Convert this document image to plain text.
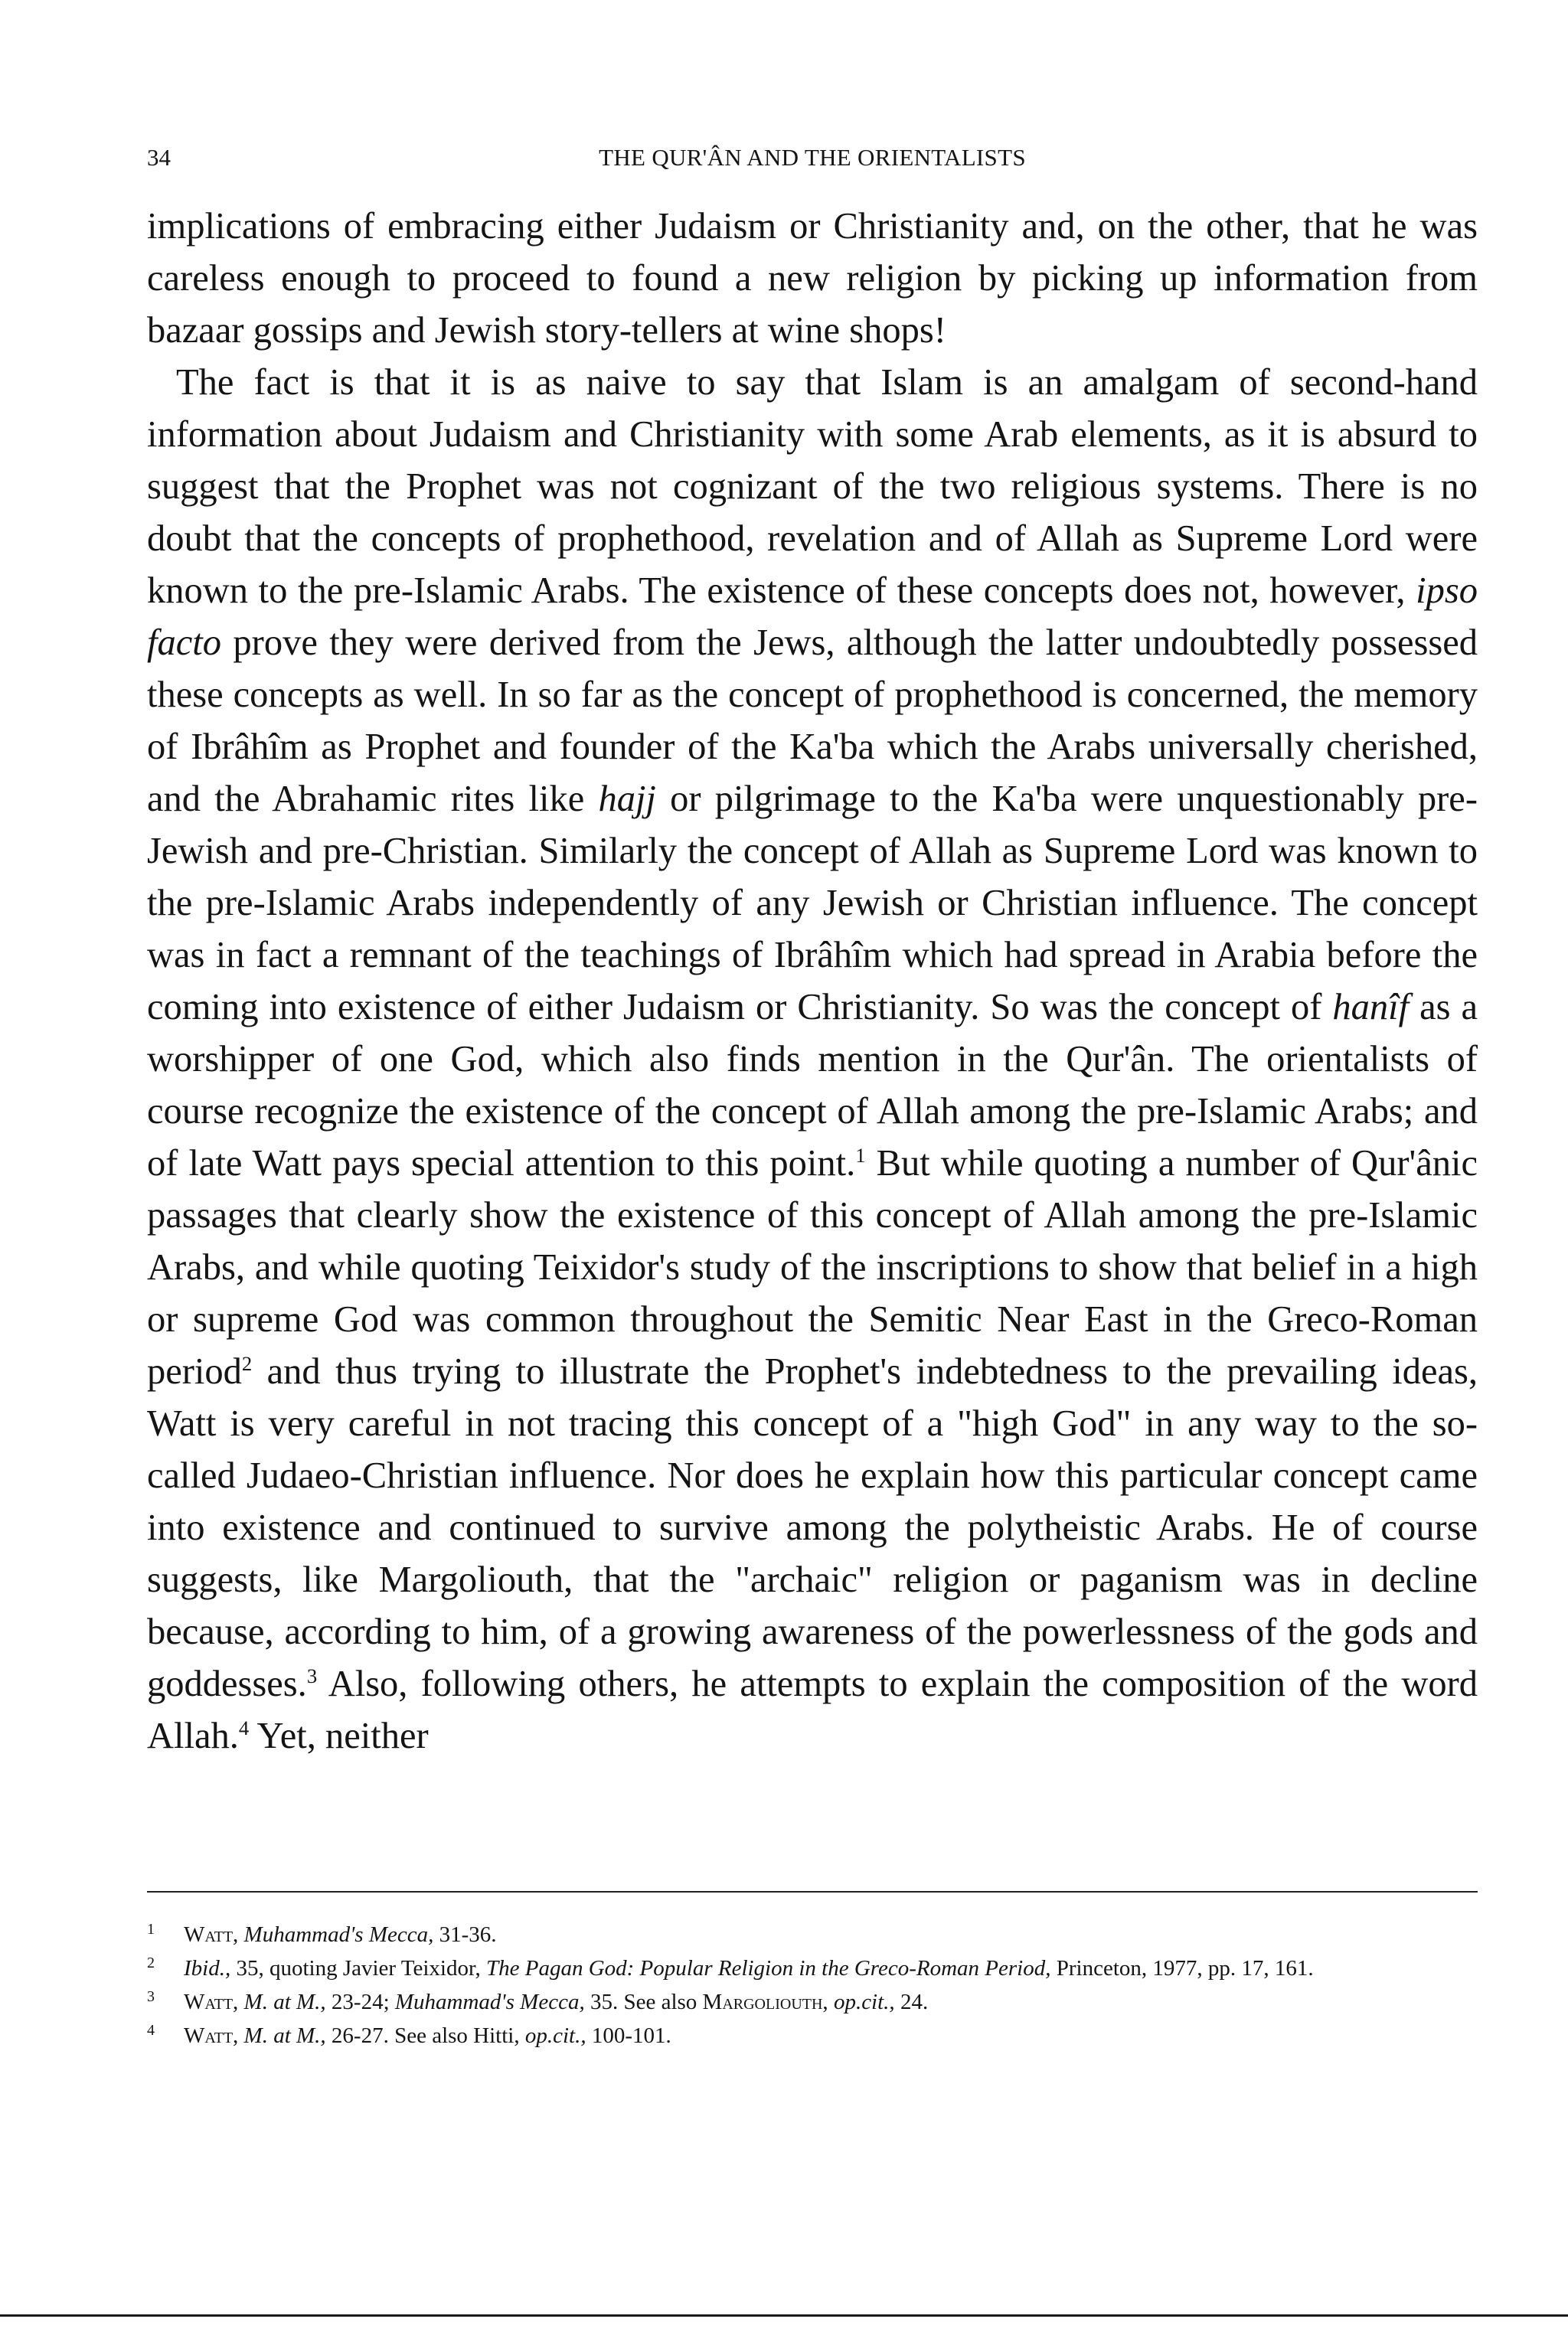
34	THE QUR'ÂN AND THE ORIENTALISTS

implications of embracing either Judaism or Christianity and, on the other, that he was careless enough to proceed to found a new religion by picking up information from bazaar gossips and Jewish story-tellers at wine shops!

The fact is that it is as naive to say that Islam is an amalgam of second-hand information about Judaism and Christianity with some Arab elements, as it is absurd to suggest that the Prophet was not cognizant of the two religious systems. There is no doubt that the concepts of prophethood, revelation and of Allah as Supreme Lord were known to the pre-Islamic Arabs. The existence of these concepts does not, however, ipso facto prove they were derived from the Jews, although the latter undoubtedly possessed these concepts as well. In so far as the concept of prophethood is concerned, the memory of Ibrâhîm as Prophet and founder of the Ka'ba which the Arabs universally cherished, and the Abrahamic rites like hajj or pilgrimage to the Ka'ba were unquestionably pre-Jewish and pre-Christian. Similarly the concept of Allah as Supreme Lord was known to the pre-Islamic Arabs independently of any Jewish or Christian influence. The concept was in fact a remnant of the teachings of Ibrâhîm which had spread in Arabia before the coming into existence of either Judaism or Christianity. So was the concept of hanîf as a worshipper of one God, which also finds mention in the Qur'ân. The orientalists of course recognize the existence of the concept of Allah among the pre-Islamic Arabs; and of late Watt pays special attention to this point.$^1$ But while quoting a number of Qur'ânic passages that clearly show the existence of this concept of Allah among the pre-Islamic Arabs, and while quoting Teixidor's study of the inscriptions to show that belief in a high or supreme God was common throughout the Semitic Near East in the Greco-Roman period$^2$ and thus trying to illustrate the Prophet's indebtedness to the prevailing ideas, Watt is very careful in not tracing this concept of a "high God" in any way to the so-called Judaeo-Christian influence. Nor does he explain how this particular concept came into existence and continued to survive among the polytheistic Arabs. He of course suggests, like Margoliouth, that the "archaic" religion or paganism was in decline because, according to him, of a growing awareness of the powerlessness of the gods and goddesses.$^3$ Also, following others, he attempts to explain the composition of the word Allah.$^4$ Yet, neither

1	Watt, Muhammad's Mecca, 31-36.
2	Ibid., 35, quoting Javier Teixidor, The Pagan God: Popular Religion in the Greco-Roman Period, Princeton, 1977, pp. 17, 161.
3	Watt, M. at M., 23-24; Muhammad's Mecca, 35. See also Margoliouth, op.cit., 24.
4	Watt, M. at M., 26-27. See also Hitti, op.cit., 100-101.
